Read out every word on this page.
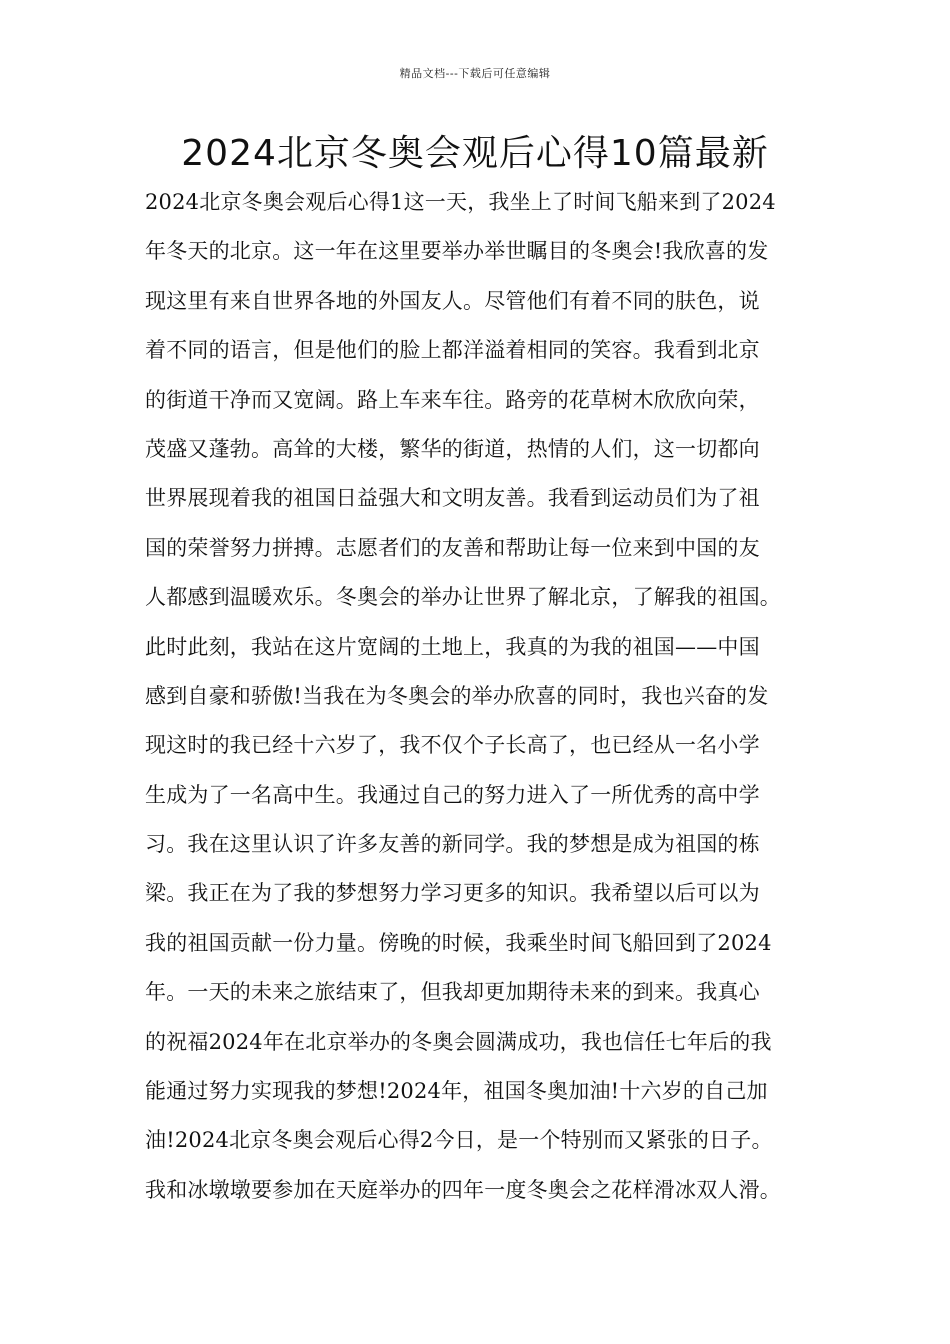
精品文档---下载后可任意编辑
2024北京冬奥会观后心得10篇最新
2024北京冬奥会观后心得1这一天，我坐上了时间飞船来到了2024
年冬天的北京。这一年在这里要举办举世瞩目的冬奥会!我欣喜的发
现这里有来自世界各地的外国友人。尽管他们有着不同的肤色，说
着不同的语言，但是他们的脸上都洋溢着相同的笑容。我看到北京
的街道干净而又宽阔。路上车来车往。路旁的花草树木欣欣向荣，
茂盛又蓬勃。高耸的大楼，繁华的街道，热情的人们，这一切都向
世界展现着我的祖国日益强大和文明友善。我看到运动员们为了祖
国的荣誉努力拼搏。志愿者们的友善和帮助让每一位来到中国的友
人都感到温暖欢乐。冬奥会的举办让世界了解北京，了解我的祖国。
此时此刻，我站在这片宽阔的土地上，我真的为我的祖国——中国
感到自豪和骄傲!当我在为冬奥会的举办欣喜的同时，我也兴奋的发
现这时的我已经十六岁了，我不仅个子长高了，也已经从一名小学
生成为了一名高中生。我通过自己的努力进入了一所优秀的高中学
习。我在这里认识了许多友善的新同学。我的梦想是成为祖国的栋
梁。我正在为了我的梦想努力学习更多的知识。我希望以后可以为
我的祖国贡献一份力量。傍晚的时候，我乘坐时间飞船回到了2024
年。一天的未来之旅结束了，但我却更加期待未来的到来。我真心
的祝福2024年在北京举办的冬奥会圆满成功，我也信任七年后的我
能通过努力实现我的梦想!2024年，祖国冬奥加油!十六岁的自己加
油!2024北京冬奥会观后心得2今日，是一个特别而又紧张的日子。
我和冰墩墩要参加在天庭举办的四年一度冬奥会之花样滑冰双人滑。
